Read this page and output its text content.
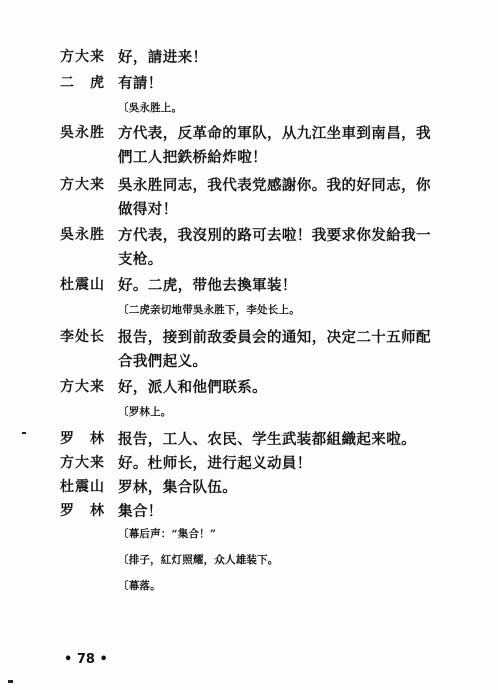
方大来 好，請进来！
二　虎 有請！
〔吳永胜上。
吳永胜 方代表，反革命的軍队，从九江坐車到南昌，我
們工人把鉄桥給炸啦！
方大来 吳永胜同志，我代表党感謝你。我的好同志，你
做得对！
吳永胜 方代表，我沒別的路可去啦！我要求你发給我一
支枪。
杜震山 好。二虎，带他去換軍装！
〔二虎亲切地带吳永胜下，李处长上。
李处长 报告，接到前敌委員会的通知，决定二十五师配
合我們起义。
方大来 好，派人和他們联系。
〔罗林上。
罗　林 报告，工人、农民、学生武装都組織起来啦。
方大来 好。杜师长，进行起义动員！
杜震山 罗林，集合队伍。
罗　林 集合！
〔幕后声：“集合！”
〔排子，紅灯照耀，众人雄装下。
〔幕落。
• 78 •
